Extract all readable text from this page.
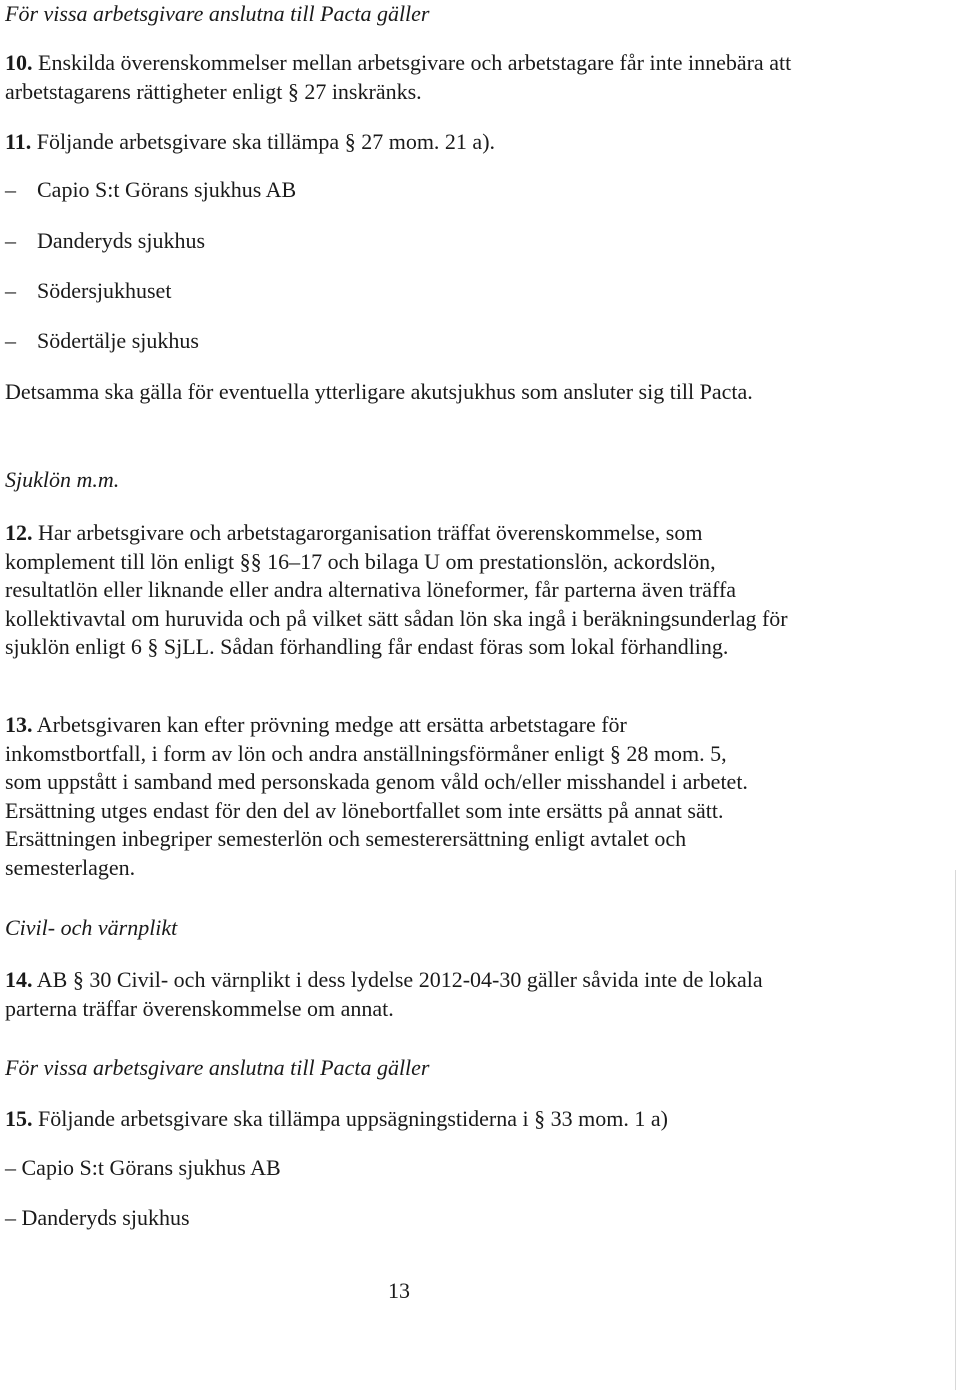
För vissa arbetsgivare anslutna till Pacta gäller

10. Enskilda överenskommelser mellan arbetsgivare och arbetstagare får inte innebära att arbetstagarens rättigheter enligt § 27 inskränks.

11. Följande arbetsgivare ska tillämpa § 27 mom. 21 a).

– Capio S:t Görans sjukhus AB

– Danderyds sjukhus

– Södersjukhuset

– Södertälje sjukhus

Detsamma ska gälla för eventuella ytterligare akutsjukhus som ansluter sig till Pacta.

Sjuklön m.m.

12. Har arbetsgivare och arbetstagarorganisation träffat överenskommelse, som komplement till lön enligt §§ 16–17 och bilaga U om prestationslön, ackordslön, resultatlön eller liknande eller andra alternativa löneformer, får parterna även träffa kollektivavtal om huruvida och på vilket sätt sådan lön ska ingå i beräkningsunderlag för sjuklön enligt 6 § SjLL. Sådan förhandling får endast föras som lokal förhandling.

13. Arbetsgivaren kan efter prövning medge att ersätta arbetstagare för inkomstbortfall, i form av lön och andra anställningsförmåner enligt § 28 mom. 5, som uppstått i samband med personskada genom våld och/eller misshandel i arbetet. Ersättning utges endast för den del av lönebortfallet som inte ersätts på annat sätt. Ersättningen inbegriper semesterlön och semesterersättning enligt avtalet och semesterlagen.

Civil- och värnplikt

14. AB § 30 Civil- och värnplikt i dess lydelse 2012-04-30 gäller såvida inte de lokala parterna träffar överenskommelse om annat.

För vissa arbetsgivare anslutna till Pacta gäller

15. Följande arbetsgivare ska tillämpa uppsägningstiderna i § 33 mom. 1 a)

– Capio S:t Görans sjukhus AB

– Danderyds sjukhus

13
